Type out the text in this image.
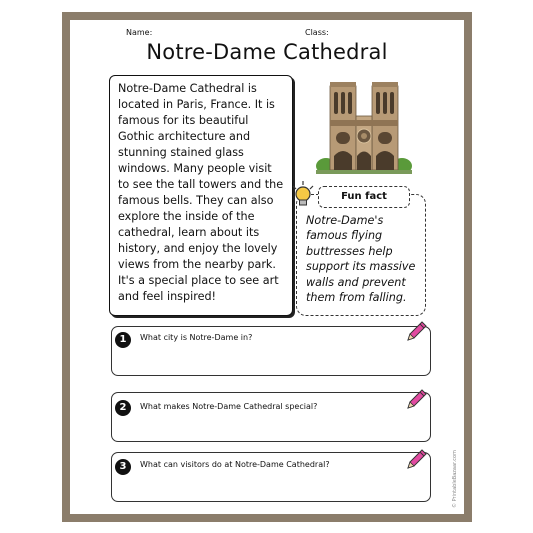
Name:	Class:
Notre-Dame Cathedral

Notre-Dame Cathedral is located in Paris, France. It is famous for its beautiful Gothic architecture and stunning stained glass windows. Many people visit to see the tall towers and the famous bells. They can also explore the inside of the cathedral, learn about its history, and enjoy the lovely views from the nearby park. It's a special place to see art and feel inspired!

Fun fact

Notre-Dame's famous flying buttresses help support its massive walls and prevent them from falling.

1	What city is Notre-Dame in?
2	What makes Notre-Dame Cathedral special?
3	What can visitors do at Notre-Dame Cathedral?	© PrintableBazaar.com
